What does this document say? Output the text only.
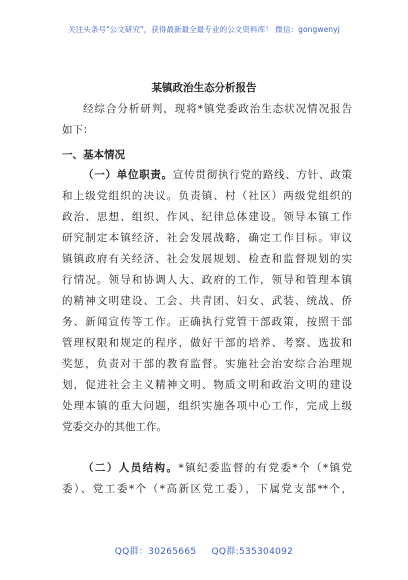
关注头条号"公文研究"，获得最新最全最专业的公文资料库！ 微信：gongwenyj
某镇政治生态分析报告
经综合分析研判，现将*镇党委政治生态状况情况报告
如下：
一、基本情况
（一）单位职责。宣传贯彻执行党的路线、方针、政策
和上级党组织的决议。负责镇、村（社区）两级党组织的
政治、思想、组织、作风、纪律总体建设。领导本镇工作
研究制定本镇经济、社会发展战略，确定工作目标。审议
镇镇政府有关经济、社会发展规划、检查和监督规划的实
行情况。领导和协调人大、政府的工作，领导和管理本镇
的精神文明建设、工会、共青团、妇女、武装、统战、侨
务、新闻宣传等工作。正确执行党管干部政策，按照干部
管理权限和规定的程序，做好干部的培养、考察、选拔和
奖惩，负责对干部的教育监督。实施社会治安综合治理规
划，促进社会主义精神文明、物质文明和政治文明的建设
处理本镇的重大问题，组织实施各项中心工作，完成上级
党委交办的其他工作。
（二）人员结构。*镇纪委监督的有党委*个（*镇党
委）、党工委*个（*高新区党工委），下属党支部**个，
QQ群：30265665 QQ群:535304092
